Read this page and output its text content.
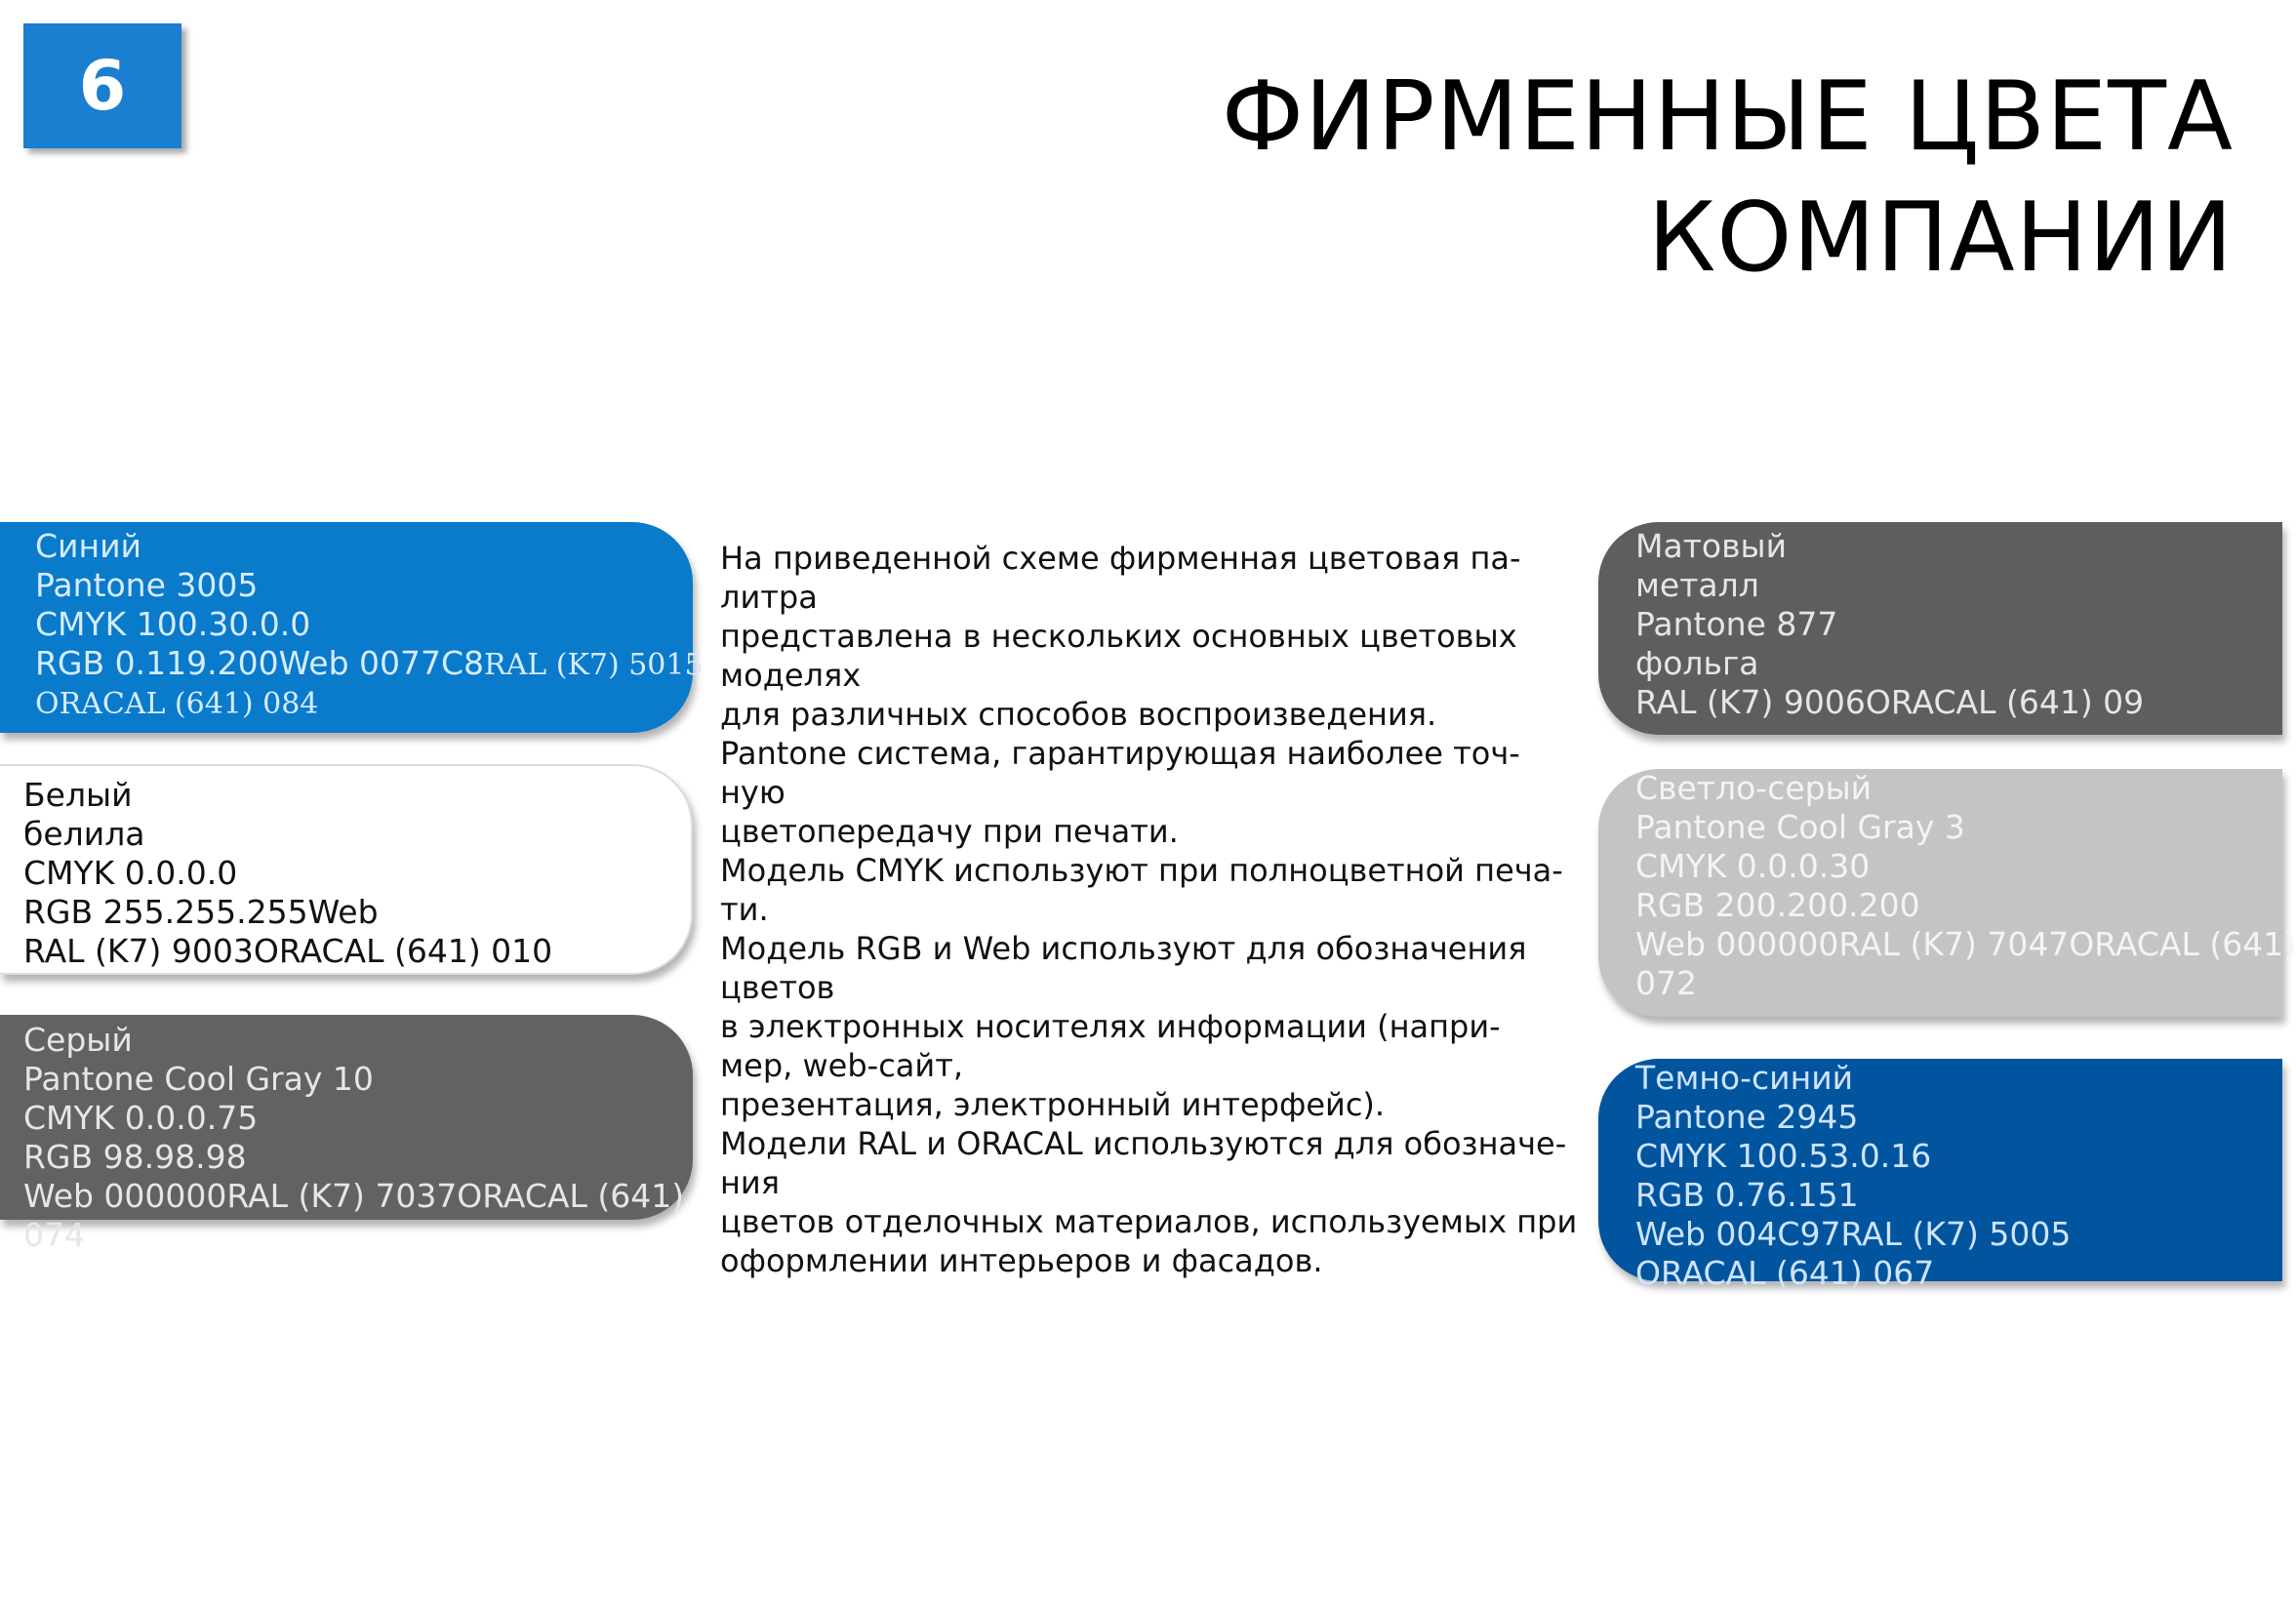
6	ФИРМЕННЫЕ ЦВЕТА
КОМПАНИИ
Синий
Pantone 3005
CMYK 100.30.0.0
RGB 0.119.200Web 0077C8RAL (K7) 5015
ORACAL (641) 084
Белый
белила
CMYK 0.0.0.0
RGB 255.255.255Web
RAL (K7) 9003ORACAL (641) 010
Серый
Pantone Cool Gray 10
CMYK 0.0.0.75
RGB 98.98.98
Web 000000RAL (K7) 7037ORACAL (641)
074
На приведенной схеме фирменная цветовая па-
литра
представлена в нескольких основных цветовых
моделях
для различных способов воспроизведения.
Pantone система, гарантирующая наиболее точ-
ную
цветопередачу при печати.
Модель CMYK используют при полноцветной печа-
ти.
Модель RGB и Web используют для обозначения
цветов
в электронных носителях информации (напри-
мер, web-сайт,
презентация, электронный интерфейс).
Модели RAL и ORACAL используются для обозначе-
ния
цветов отделочных материалов, используемых при
оформлении интерьеров и фасадов.
Матовый
металл
Pantone 877
фольга
RAL (K7) 9006ORACAL (641) 09
Светло-серый
Pantone Cool Gray 3
CMYK 0.0.0.30
RGB 200.200.200
Web 000000RAL (K7) 7047ORACAL (641)
072
Темно-синий
Pantone 2945
CMYK 100.53.0.16
RGB 0.76.151
Web 004C97RAL (K7) 5005
ORACAL (641) 067
